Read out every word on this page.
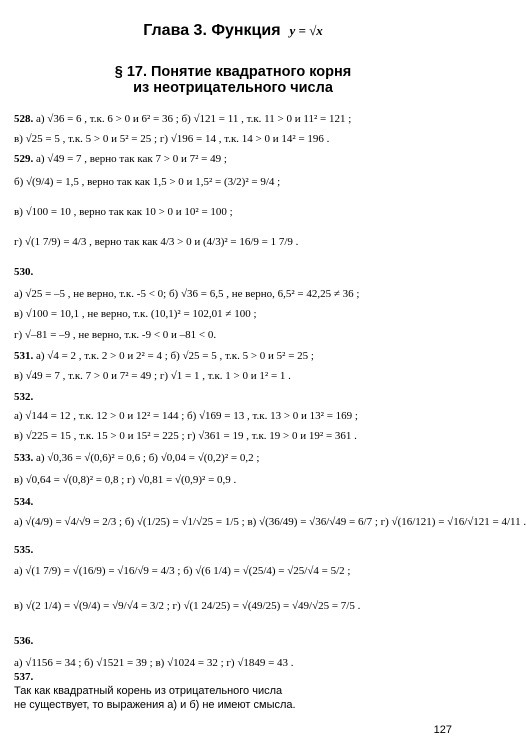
Глава 3. Функция y = √x
§ 17. Понятие квадратного корня
из неотрицательного числа
528. а) √36 = 6 , т.к. 6 > 0 и 6² = 36 ; б) √121 = 11 , т.к. 11 > 0 и 11² = 121 ;
в) √25 = 5 , т.к. 5 > 0 и 5² = 25 ; г) √196 = 14 , т.к. 14 > 0 и 14² = 196 .
529. а) √49 = 7 , верно так как 7 > 0 и 7² = 49 ;
б) √(9/4) = 1,5 , верно так как 1,5 > 0 и 1,5² = (3/2)² = 9/4 ;
в) √100 = 10 , верно так как 10 > 0 и 10² = 100 ;
г) √(1 7/9) = 4/3 , верно так как 4/3 > 0 и (4/3)² = 16/9 = 1 7/9 .
530.
а) √25 = –5 , не верно, т.к. -5 < 0; б) √36 = 6,5 , не верно, 6,5² = 42,25 ≠ 36 ;
в) √100 = 10,1 , не верно, т.к. (10,1)² = 102,01 ≠ 100 ;
г) √–81 = –9 , не верно, т.к. -9 < 0 и –81 < 0.
531. а) √4 = 2 , т.к. 2 > 0 и 2² = 4 ; б) √25 = 5 , т.к. 5 > 0 и 5² = 25 ;
в) √49 = 7 , т.к. 7 > 0 и 7² = 49 ; г) √1 = 1 , т.к. 1 > 0 и 1² = 1 .
532.
а) √144 = 12 , т.к. 12 > 0 и 12² = 144 ; б) √169 = 13 , т.к. 13 > 0 и 13² = 169 ;
в) √225 = 15 , т.к. 15 > 0 и 15² = 225 ; г) √361 = 19 , т.к. 19 > 0 и 19² = 361 .
533. а) √0,36 = √(0,6)² = 0,6 ; б) √0,04 = √(0,2)² = 0,2 ;
в) √0,64 = √(0,8)² = 0,8 ; г) √0,81 = √(0,9)² = 0,9 .
534.
а) √(4/9) = √4/√9 = 2/3 ; б) √(1/25) = √1/√25 = 1/5 ; в) √(36/49) = √36/√49 = 6/7 ; г) √(16/121) = √16/√121 = 4/11 .
535.
а) √(1 7/9) = √(16/9) = √16/√9 = 4/3 ; б) √(6 1/4) = √(25/4) = √25/√4 = 5/2 ;
в) √(2 1/4) = √(9/4) = √9/√4 = 3/2 ; г) √(1 24/25) = √(49/25) = √49/√25 = 7/5 .
536.
а) √1156 = 34 ; б) √1521 = 39 ; в) √1024 = 32 ; г) √1849 = 43 .
537.
Так как квадратный корень из отрицательного числа
не существует, то выражения а) и б) не имеют смысла.
127
